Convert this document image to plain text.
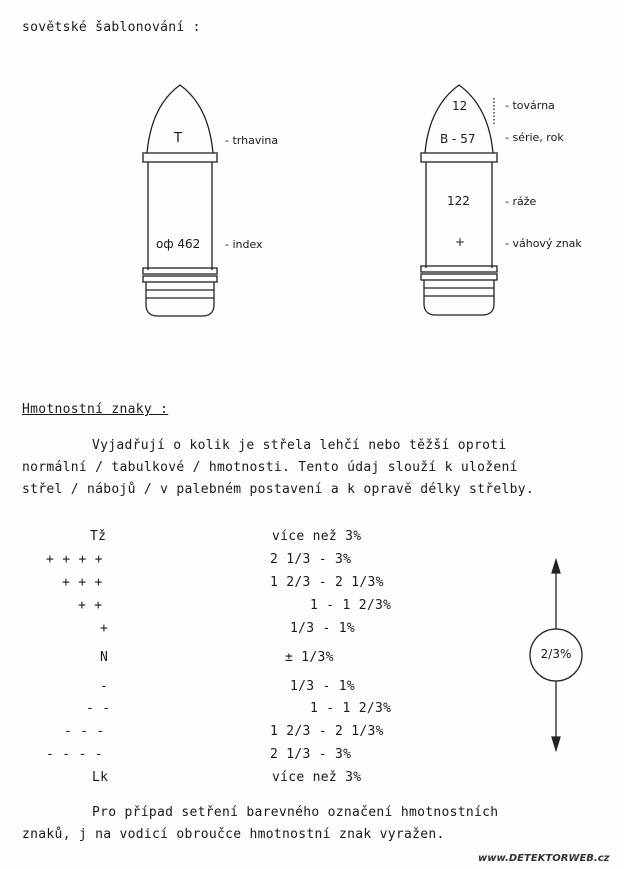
sovětské šablonování :
T	- trhavina
oф 462 - index
12	- továrna
B - 57	- série, rok
122	- ráže
+	- váhový znak
Hmotnostní znaky :
Vyjadřují o kolik je střela lehčí nebo těžší oproti
normální / tabulkové / hmotnosti. Tento údaj slouží k uložení
střel / nábojů / v palebném postavení a k opravě délky střelby.
Tž	více než 3%
+ + + +	2 1/3 - 3%
+ + +	1 2/3 - 2 1/3%
+ +	1 - 1 2/3%
+	1/3 - 1%
N	± 1/3%
-	1/3 - 1%
- -	1 - 1 2/3%
- - -	1 2/3 - 2 1/3%
- - - -	2 1/3 - 3%
Lk	více než 3%
2/3%
Pro případ setření barevného označení hmotnostních
znaků, j na vodicí obroučce hmotnostní znak vyražen.
www.DETEKTORWEB.cz
